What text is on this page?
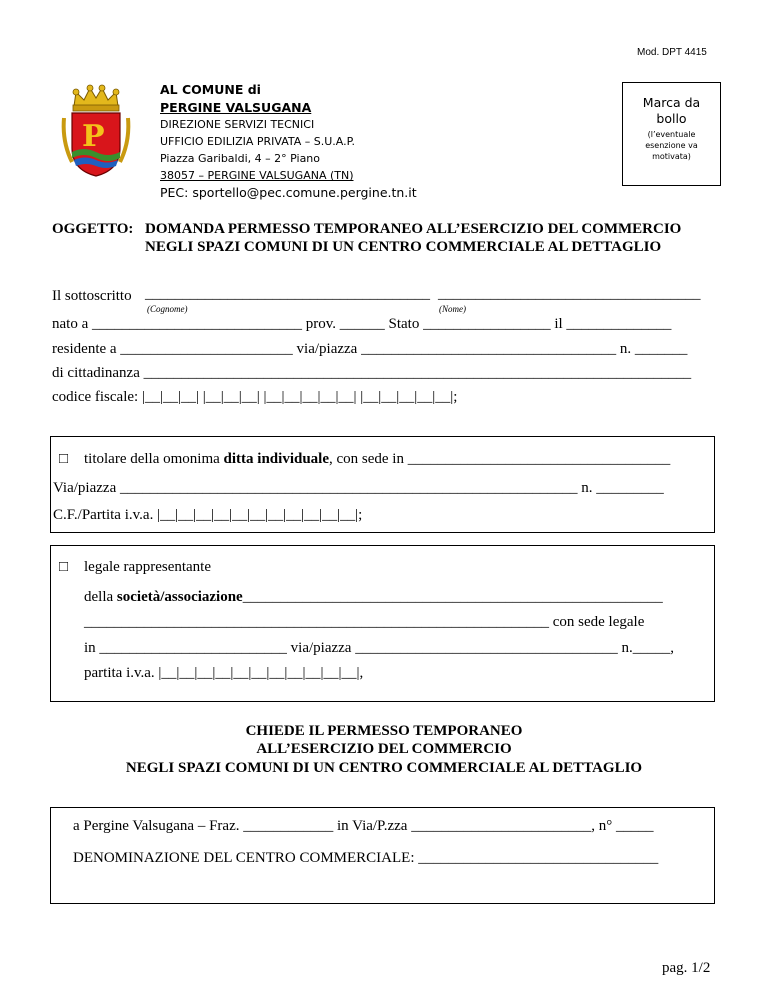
Mod. DPT 4415
P
AL COMUNE di
PERGINE VALSUGANA
DIREZIONE SERVIZI TECNICI
UFFICIO EDILIZIA PRIVATA – S.U.A.P.
Piazza Garibaldi, 4 – 2° Piano
38057 – PERGINE VALSUGANA (TN)
PEC: sportello@pec.comune.pergine.tn.it
Marca da
bollo
(l’eventuale
esenzione va
motivata)
OGGETTO: DOMANDA PERMESSO TEMPORANEO ALL’ESERCIZIO DEL COMMERCIO
NEGLI SPAZI COMUNI DI UN CENTRO COMMERCIALE AL DETTAGLIO
Il sottoscritto ______________________________________ ___________________________________
(Cognome)	(Nome)
nato a ____________________________ prov. ______ Stato _________________ il ______________
residente a _______________________ via/piazza __________________________________ n. _______
di cittadinanza _________________________________________________________________________
codice fiscale: |__|__|__| |__|__|__| |__|__|__|__|__| |__|__|__|__|__|;
□ titolare della omonima ditta individuale, con sede in ___________________________________
Via/piazza _____________________________________________________________ n. _________
C.F./Partita i.v.a. |__|__|__|__|__|__|__|__|__|__|__|;
□ legale rappresentante
della società/associazione________________________________________________________
______________________________________________________________ con sede legale
in _________________________ via/piazza ___________________________________ n._____,
partita i.v.a. |__|__|__|__|__|__|__|__|__|__|__|,
CHIEDE IL PERMESSO TEMPORANEO
ALL’ESERCIZIO DEL COMMERCIO
NEGLI SPAZI COMUNI DI UN CENTRO COMMERCIALE AL DETTAGLIO
a Pergine Valsugana – Fraz. ____________ in Via/P.zza ________________________, n° _____
DENOMINAZIONE DEL CENTRO COMMERCIALE: ________________________________
pag. 1/2
